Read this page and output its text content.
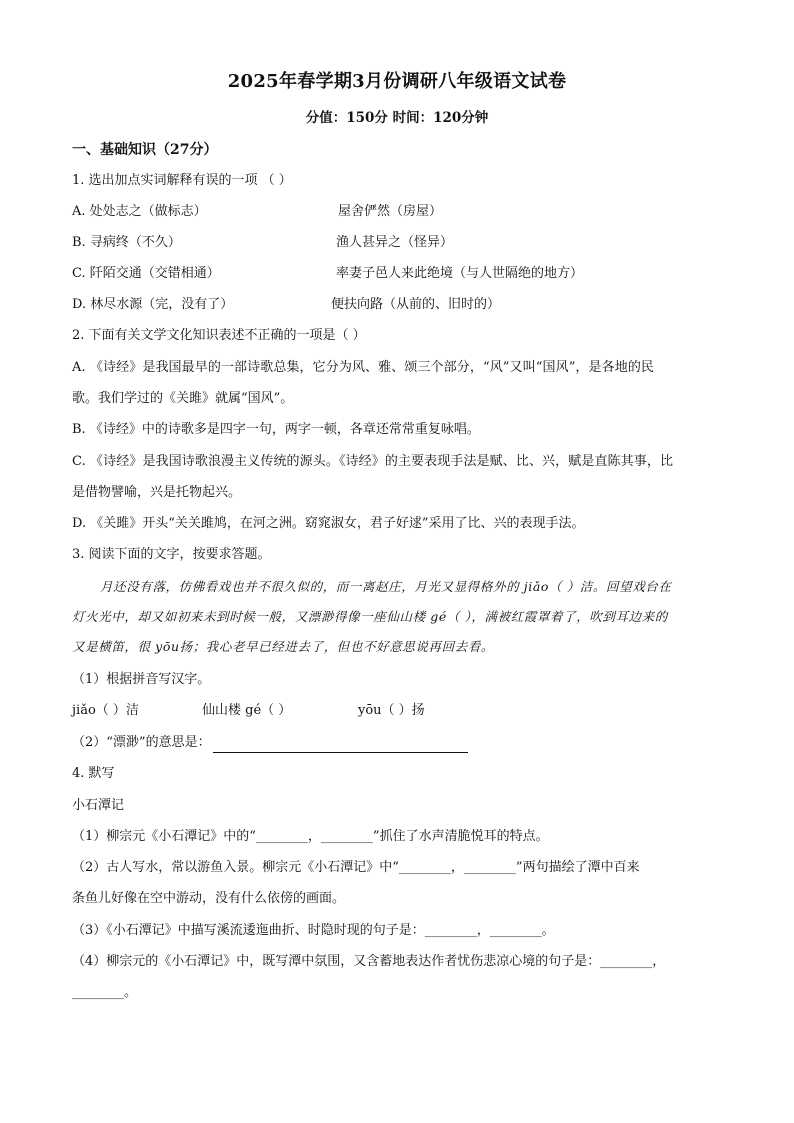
2025年春学期3月份调研八年级语文试卷
分值：150分 时间：120分钟
一、基础知识（27分）
1. 选出加点实词解释有误的一项 （ ）
A. 处处志之（做标志）	屋舍俨然（房屋）
B. 寻病终（不久）	渔人甚异之（怪异）
C. 阡陌交通（交错相通）	率妻子邑人来此绝境（与人世隔绝的地方）
D. 林尽水源（完，没有了）	便扶向路（从前的、旧时的）
2. 下面有关文学文化知识表述不正确的一项是（ ）
A. 《诗经》是我国最早的一部诗歌总集，它分为风、雅、颂三个部分，“风”又叫“国风”，是各地的民
歌。我们学过的《关雎》就属“国风”。
B. 《诗经》中的诗歌多是四字一句，两字一顿，各章还常常重复咏唱。
C. 《诗经》是我国诗歌浪漫主义传统的源头。《诗经》的主要表现手法是赋、比、兴，赋是直陈其事，比
是借物譬喻，兴是托物起兴。
D. 《关雎》开头“关关雎鸠，在河之洲。窈窕淑女，君子好逑”采用了比、兴的表现手法。
3. 阅读下面的文字，按要求答题。
月还没有落，仿佛看戏也并不很久似的，而一离赵庄，月光又显得格外的 jiǎo（ ）洁。回望戏台在
灯火光中，却又如初来未到时候一般，又漂渺得像一座仙山楼 gé（ ），满被红霞罩着了，吹到耳边来的
又是横笛，很 yōu扬；我心老早已经进去了，但也不好意思说再回去看。
（1）根据拼音写汉字。
jiǎo（ ）洁	仙山楼 gé（ ）	yōu（ ）扬
（2）“漂渺”的意思是：
4. 默写
小石潭记
（1）柳宗元《小石潭记》中的“________，________”抓住了水声清脆悦耳的特点。
（2）古人写水，常以游鱼入景。柳宗元《小石潭记》中“________，________”两句描绘了潭中百来
条鱼儿好像在空中游动，没有什么依傍的画面。
（3）《小石潭记》中描写溪流逶迤曲折、时隐时现的句子是：________，________。
（4）柳宗元的《小石潭记》中，既写潭中氛围，又含蓄地表达作者忧伤悲凉心境的句子是：________，
________。
